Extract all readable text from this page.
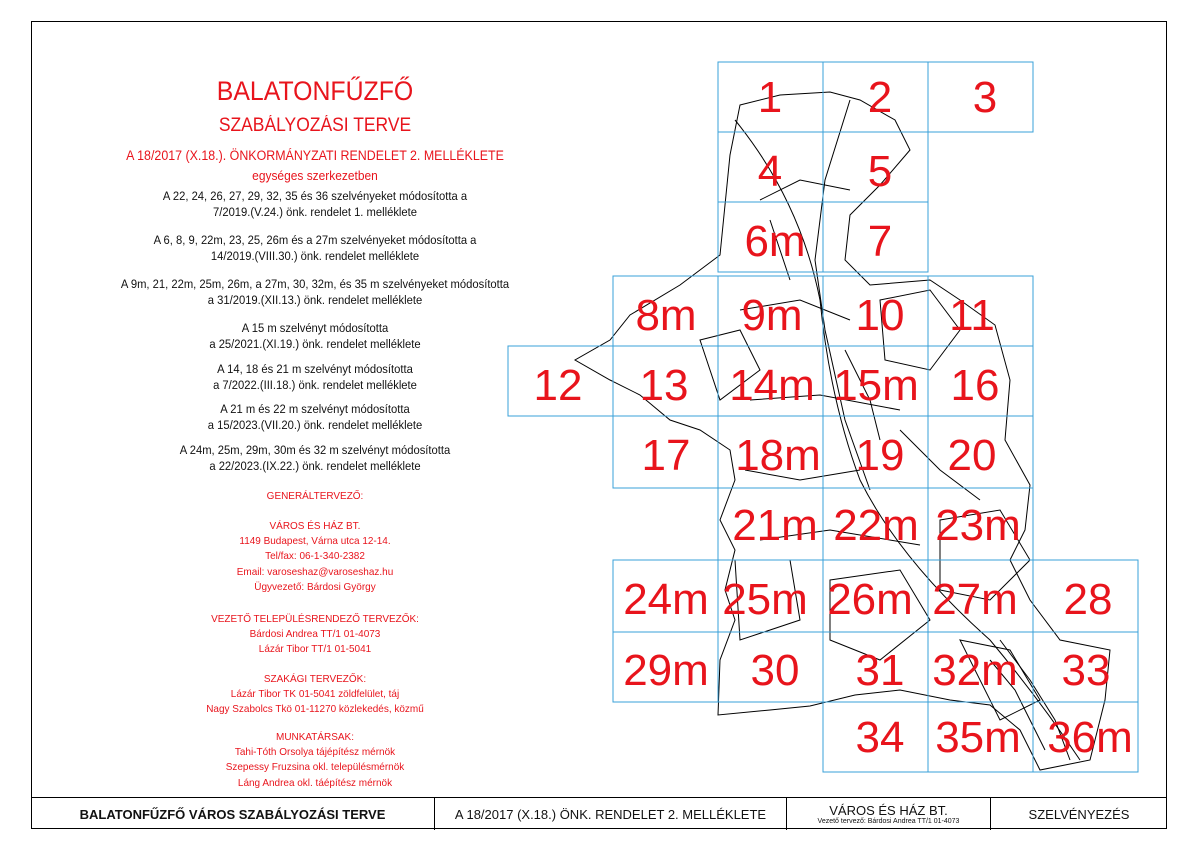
BALATONFŰZFŐ
SZABÁLYOZÁSI TERVE
A 18/2017 (X.18.). ÖNKORMÁNYZATI RENDELET 2. MELLÉKLETE
egységes szerkezetben
A 22, 24, 26, 27, 29, 32, 35 és 36 szelvényeket módosította a
7/2019.(V.24.) önk. rendelet 1. melléklete
A 6, 8, 9, 22m, 23, 25, 26m és a 27m szelvényeket módosította a
14/2019.(VIII.30.) önk. rendelet melléklete
A 9m, 21, 22m, 25m, 26m, a 27m, 30, 32m, és 35 m szelvényeket módosította
a 31/2019.(XII.13.) önk. rendelet melléklete
A 15 m szelvényt módosította
a 25/2021.(XI.19.) önk. rendelet melléklete
A 14, 18 és 21 m szelvényt módosította
a 7/2022.(III.18.) önk. rendelet melléklete
A 21 m és 22 m szelvényt módosította
a 15/2023.(VII.20.) önk. rendelet melléklete
A 24m, 25m, 29m, 30m és 32 m szelvényt módosította
a 22/2023.(IX.22.) önk. rendelet melléklete
GENERÁLTERVEZŐ:
VÁROS ÉS HÁZ BT.
1149 Budapest, Várna utca 12-14.
Tel/fax: 06-1-340-2382
Email: varoseshaz@varoseshaz.hu
Ügyvezető: Bárdosi György
VEZETŐ TELEPÜLÉSRENDEZŐ TERVEZŐK:
Bárdosi Andrea TT/1 01-4073
Lázár Tibor TT/1 01-5041
SZAKÁGI TERVEZŐK:
Lázár Tibor TK 01-5041 zöldfelület, táj
Nagy Szabolcs Tkö 01-11270 közlekedés, közmű
MUNKATÁRSAK:
Tahi-Tóth Orsolya tájépítész mérnök
Szepessy Fruzsina okl. településmérnök
Láng Andrea okl. táépítész mérnök
1 2 3
4 5
6m 7
8m 9m 10 11
12 13 14m 15m 16
17 18m 19 20
21m 22m 23m
24m 25m 26m 27m 28
29m 30 31 32m 33
34 35m 36m
BALATONFŰZFŐ VÁROS SZABÁLYOZÁSI TERVE	A 18/2017 (X.18.) ÖNK. RENDELET 2. MELLÉKLETE	VÁROS ÉS HÁZ BT.
Vezető tervező: Bárdosi Andrea TT/1 01-4073	SZELVÉNYEZÉS
